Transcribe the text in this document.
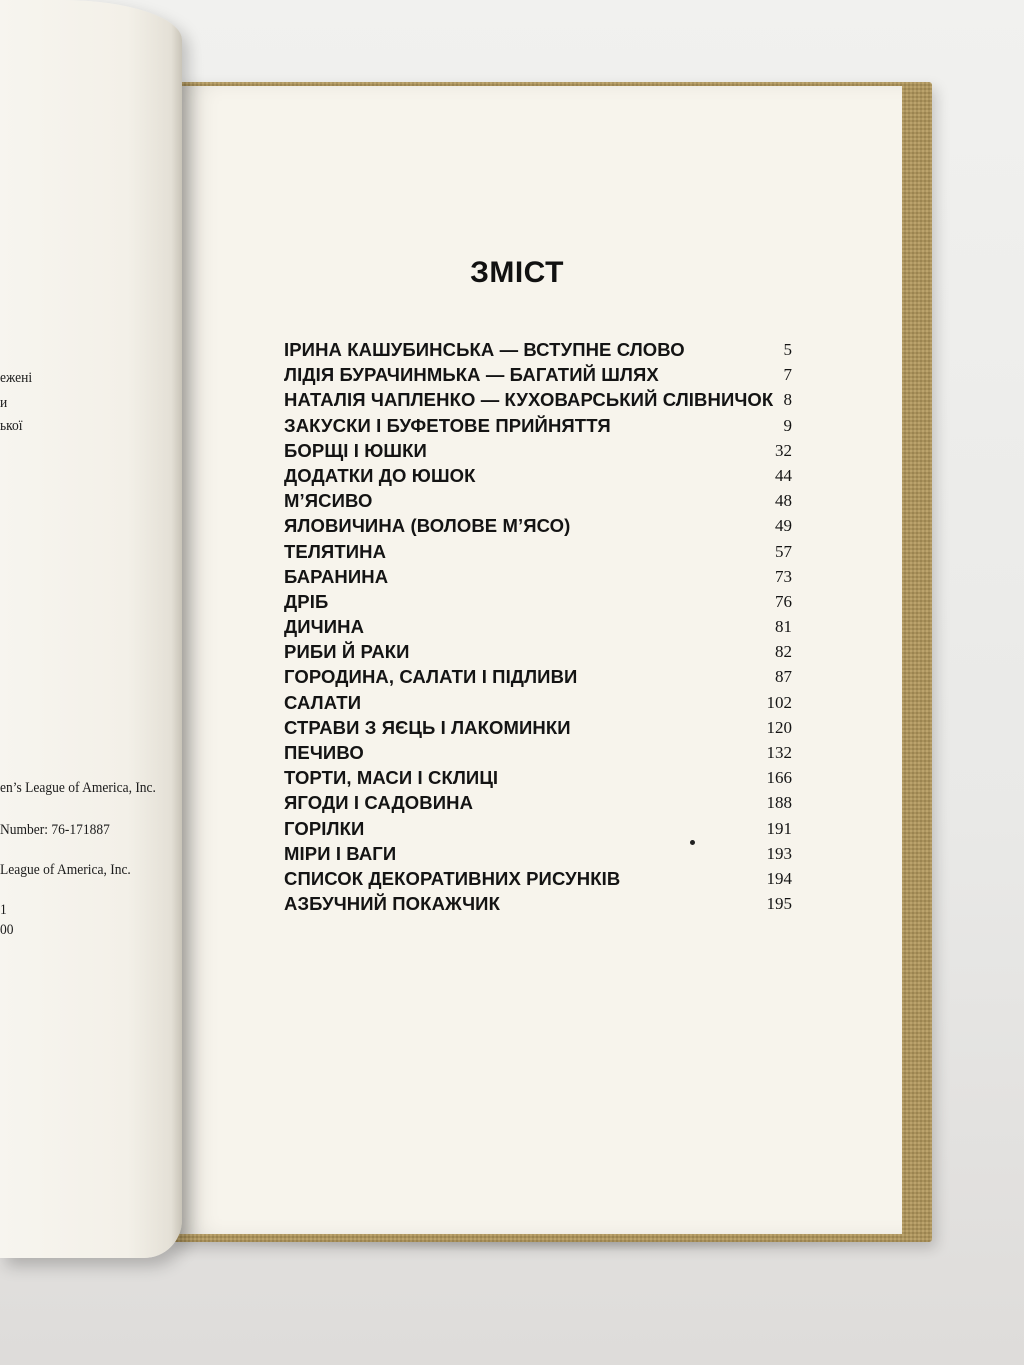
ЗМІСТ
ІРИНА КАШУБИНСЬКА — ВСТУПНЕ СЛОВО	5
ЛІДІЯ БУРАЧИНМЬКА — БАГАТИЙ ШЛЯХ	7
НАТАЛІЯ ЧАПЛЕНКО — КУХОВАРСЬКИЙ СЛІВНИЧОК 8
ЗАКУСКИ І БУФЕТОВЕ ПРИЙНЯТТЯ	9
БОРЩІ І ЮШКИ	32
ДОДАТКИ ДО ЮШОК	44
М’ЯСИВО	48
ЯЛОВИЧИНА (ВОЛОВЕ М’ЯСО)	49
ТЕЛЯТИНА	57
БАРАНИНА	73
ДРІБ	76
ДИЧИНА	81
РИБИ Й РАКИ	82
ГОРОДИНА, САЛАТИ І ПІДЛИВИ	87
САЛАТИ	102
СТРАВИ З ЯЄЦЬ І ЛАКОМИНКИ	120
ПЕЧИВО	132
ТОРТИ, МАСИ І СКЛИЦІ	166
ЯГОДИ І САДОВИНА	188
ГОРІЛКИ	191
МІРИ І ВАГИ	193
СПИСОК ДЕКОРАТИВНИХ РИСУНКІВ	194
АЗБУЧНИЙ ПОКАЖЧИК	195
ежені
и
ької
en’s League of America, Inc.
Number: 76-171887
League of America, Inc.
1
00
